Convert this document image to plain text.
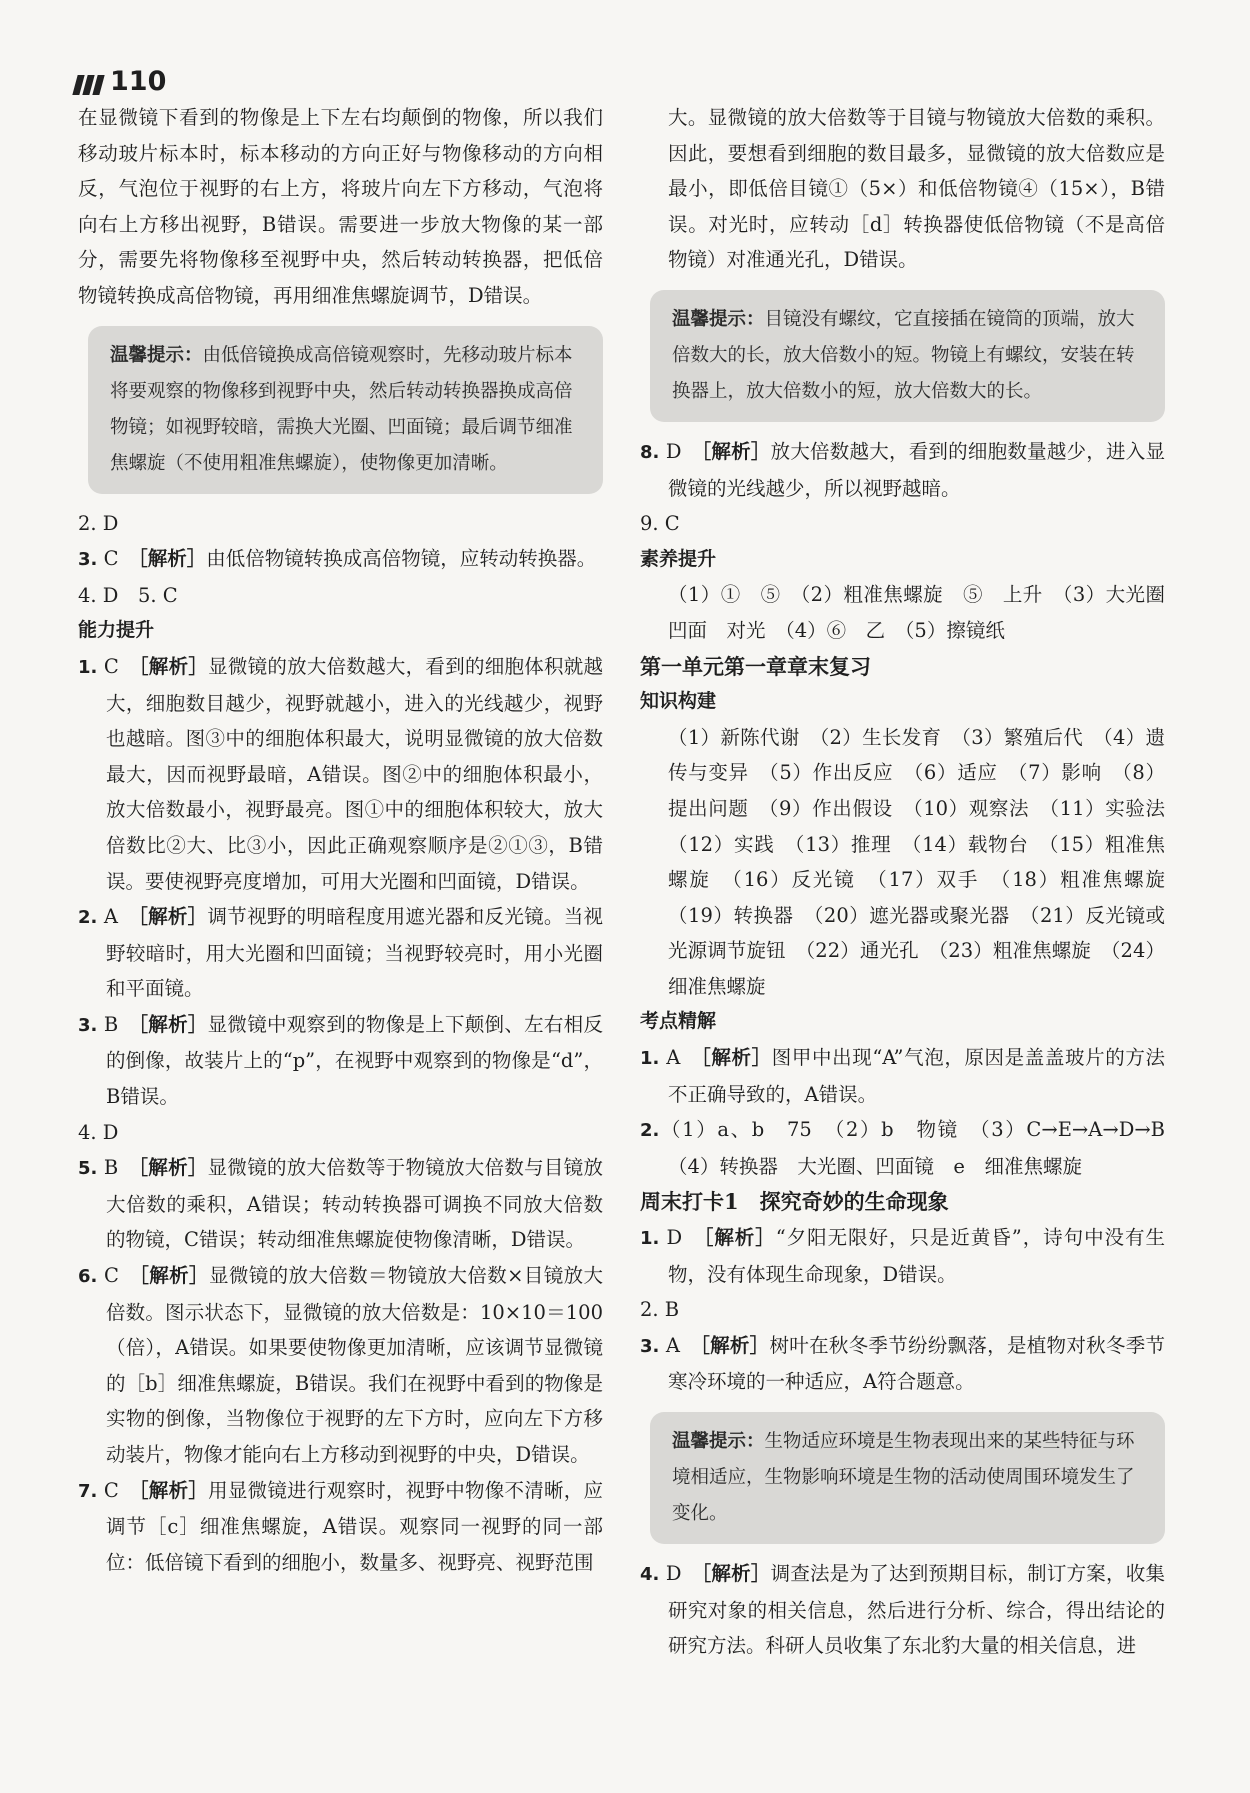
110

在显微镜下看到的物像是上下左右均颠倒的物像，所以我们移动玻片标本时，标本移动的方向正好与物像移动的方向相反，气泡位于视野的右上方，将玻片向左下方移动，气泡将向右上方移出视野，B错误。需要进一步放大物像的某一部分，需要先将物像移至视野中央，然后转动转换器，把低倍物镜转换成高倍物镜，再用细准焦螺旋调节，D错误。

温馨提示：由低倍镜换成高倍镜观察时，先移动玻片标本将要观察的物像移到视野中央，然后转动转换器换成高倍物镜；如视野较暗，需换大光圈、凹面镜；最后调节细准焦螺旋（不使用粗准焦螺旋），使物像更加清晰。

2. D

3. C　 ［解析］由低倍物镜转换成高倍物镜，应转动转换器。

4. D　5. C

能力提升

1. C　 ［解析］显微镜的放大倍数越大，看到的细胞体积就越大，细胞数目越少，视野就越小，进入的光线越少，视野也越暗。图③中的细胞体积最大，说明显微镜的放大倍数最大，因而视野最暗，A错误。图②中的细胞体积最小，放大倍数最小，视野最亮。图①中的细胞体积较大，放大倍数比②大、比③小，因此正确观察顺序是②①③，B错误。要使视野亮度增加，可用大光圈和凹面镜，D错误。

2. A　 ［解析］调节视野的明暗程度用遮光器和反光镜。当视野较暗时，用大光圈和凹面镜；当视野较亮时，用小光圈和平面镜。

3. B　 ［解析］显微镜中观察到的物像是上下颠倒、左右相反的倒像，故装片上的“p”，在视野中观察到的物像是“d”，B错误。

4. D

5. B　 ［解析］显微镜的放大倍数等于物镜放大倍数与目镜放大倍数的乘积，A错误；转动转换器可调换不同放大倍数的物镜，C错误；转动细准焦螺旋使物像清晰，D错误。

6. C　 ［解析］显微镜的放大倍数＝物镜放大倍数×目镜放大倍数。图示状态下，显微镜的放大倍数是：10×10＝100（倍），A错误。如果要使物像更加清晰，应该调节显微镜的［b］细准焦螺旋，B错误。我们在视野中看到的物像是实物的倒像，当物像位于视野的左下方时，应向左下方移动装片，物像才能向右上方移动到视野的中央，D错误。

7. C　 ［解析］用显微镜进行观察时，视野中物像不清晰，应调节［c］细准焦螺旋，A错误。观察同一视野的同一部位：低倍镜下看到的细胞小，数量多、视野亮、视野范围

大。显微镜的放大倍数等于目镜与物镜放大倍数的乘积。因此，要想看到细胞的数目最多，显微镜的放大倍数应是最小，即低倍目镜①（5×）和低倍物镜④（15×），B错误。对光时，应转动［d］转换器使低倍物镜（不是高倍物镜）对准通光孔，D错误。

温馨提示：目镜没有螺纹，它直接插在镜筒的顶端，放大倍数大的长，放大倍数小的短。物镜上有螺纹，安装在转换器上，放大倍数小的短，放大倍数大的长。

8. D　 ［解析］放大倍数越大，看到的细胞数量越少，进入显微镜的光线越少，所以视野越暗。

9. C

素养提升

（1）①　⑤　（2）粗准焦螺旋　⑤　上升　（3）大光圈　凹面　对光　（4）⑥　乙　（5）擦镜纸

第一单元第一章章末复习

知识构建

（1）新陈代谢　（2）生长发育　（3）繁殖后代　（4）遗传与变异　（5）作出反应　（6）适应　（7）影响　（8）提出问题　（9）作出假设　（10）观察法　（11）实验法　（12）实践　（13）推理　（14）载物台　（15）粗准焦螺旋　（16）反光镜　（17）双手　（18）粗准焦螺旋　（19）转换器　（20）遮光器或聚光器　（21）反光镜或光源调节旋钮　（22）通光孔　（23）粗准焦螺旋　（24）细准焦螺旋

考点精解

1. A　 ［解析］图甲中出现“A”气泡，原因是盖盖玻片的方法不正确导致的，A错误。

2.（1）a、b　75　（2）b　物镜　（3）C→E→A→D→B　（4）转换器　大光圈、凹面镜　e　细准焦螺旋

周末打卡1　探究奇妙的生命现象

1. D　 ［解析］“夕阳无限好，只是近黄昏”，诗句中没有生物，没有体现生命现象，D错误。

2. B

3. A　 ［解析］树叶在秋冬季节纷纷飘落，是植物对秋冬季节寒冷环境的一种适应，A符合题意。

温馨提示：生物适应环境是生物表现出来的某些特征与环境相适应，生物影响环境是生物的活动使周围环境发生了变化。

4. D　 ［解析］调查法是为了达到预期目标，制订方案，收集研究对象的相关信息，然后进行分析、综合，得出结论的研究方法。科研人员收集了东北豹大量的相关信息，进
